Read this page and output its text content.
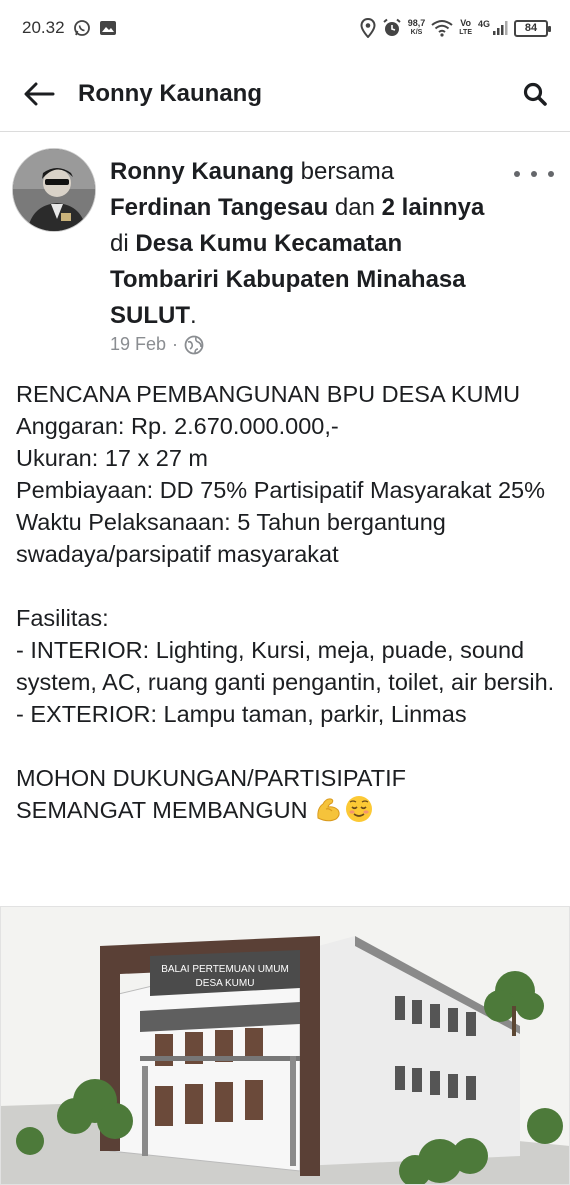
20.32	98,7
K/S
Vo
LTE
4G	84
Ronny Kaunang
Ronny Kaunang bersama Ferdinan Tangesau dan 2 lainnya di Desa Kumu Kecamatan Tombariri Kabupaten Minahasa SULUT.
19 Feb ·
RENCANA PEMBANGUNAN BPU DESA KUMU
Anggaran: Rp. 2.670.000.000,-
Ukuran: 17 x 27 m
Pembiayaan: DD 75% Partisipatif Masyarakat 25%
Waktu Pelaksanaan: 5 Tahun bergantung swadaya/parsipatif masyarakat

Fasilitas:
- INTERIOR: Lighting, Kursi, meja, puade, sound system, AC, ruang ganti pengantin, toilet, air bersih.
- EXTERIOR: Lampu taman, parkir, Linmas

MOHON DUKUNGAN/PARTISIPATIF
SEMANGAT MEMBANGUN
BALAI PERTEMUAN UMUM
DESA KUMU
